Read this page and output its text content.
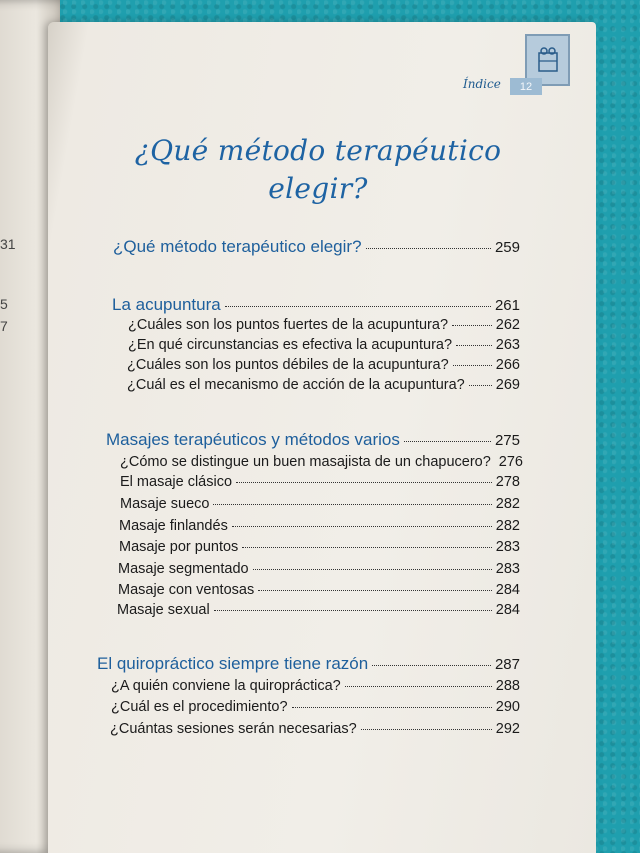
31
5
7
Índice	12
¿Qué método terapéutico
elegir?
¿Qué método terapéutico elegir?	259
La acupuntura	261
¿Cuáles son los puntos fuertes de la acupuntura?	262
¿En qué circunstancias es efectiva la acupuntura?	263
¿Cuáles son los puntos débiles de la acupuntura?	266
¿Cuál es el mecanismo de acción de la acupuntura? 269
Masajes terapéuticos y métodos varios	275
¿Cómo se distingue un buen masajista de un chapucero? 276
El masaje clásico	278
Masaje sueco	282
Masaje finlandés	282
Masaje por puntos	283
Masaje segmentado	283
Masaje con ventosas	284
Masaje sexual	284
El quiropráctico siempre tiene razón	287
¿A quién conviene la quiropráctica?	288
¿Cuál es el procedimiento?	290
¿Cuántas sesiones serán necesarias?	292
